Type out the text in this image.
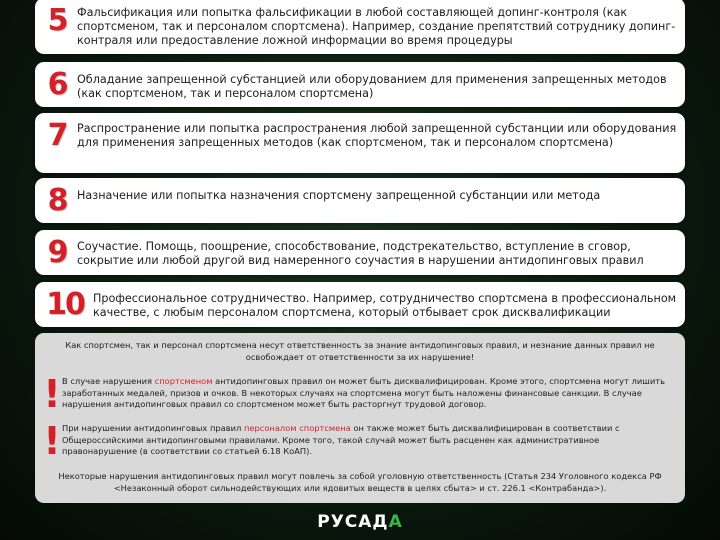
5 Фальсификация или попытка фальсификации в любой составляющей допинг-контроля (как спортсменом, так и персоналом спортсмена). Например, создание препятствий сотруднику допинг-контраля или предоставление ложной информации во время процедуры

6 Обладание запрещенной субстанцией или оборудованием для применения запрещенных методов (как спортсменом, так и персоналом спортсмена)

7 Распространение или попытка распространения любой запрещенной субстанции или оборудования для применения запрещенных методов (как спортсменом, так и персоналом спортсмена)

8 Назначение или попытка назначения спортсмену запрещенной субстанции или метода

9 Соучастие. Помощь, поощрение, способствование, подстрекательство, вступление в сговор, сокрытие или любой другой вид намеренного соучастия в нарушении антидопинговых правил

10 Профессиональное сотрудничество. Например, сотрудничество спортсмена в профессиональном качестве, с любым персоналом спортсмена, который отбывает срок дисквалификации

Как спортсмен, так и персонал спортсмена несут ответственность за знание антидопинговых правил, и незнание данных правил не освобождает от ответственности за их нарушение!

! В случае нарушения спортсменом антидопинговых правил он может быть дисквалифицирован. Кроме этого, спортсмена могут лишить заработанных медалей, призов и очков. В некоторых случаях на спортсмена могут быть наложены финансовые санкции. В случае нарушения антидопинговых правил со спортсменом может быть расторгнут трудовой договор.

! При нарушении антидопинговых правил персоналом спортсмена он также может быть дисквалифицирован в соответствии с Общероссийскими антидопинговыми правилами. Кроме того, такой случай может быть расценен как административное правонарушение (в соответствии со статьей 6.18 КоАП).

Некоторые нарушения антидопинговых правил могут повлечь за собой уголовную ответственность (Статья 234 Уголовного кодекса РФ <Незаконный оборот сильнодействующих или ядовитых веществ в целях сбыта> и ст. 226.1 <Контрабанда>).

РУСАДА
